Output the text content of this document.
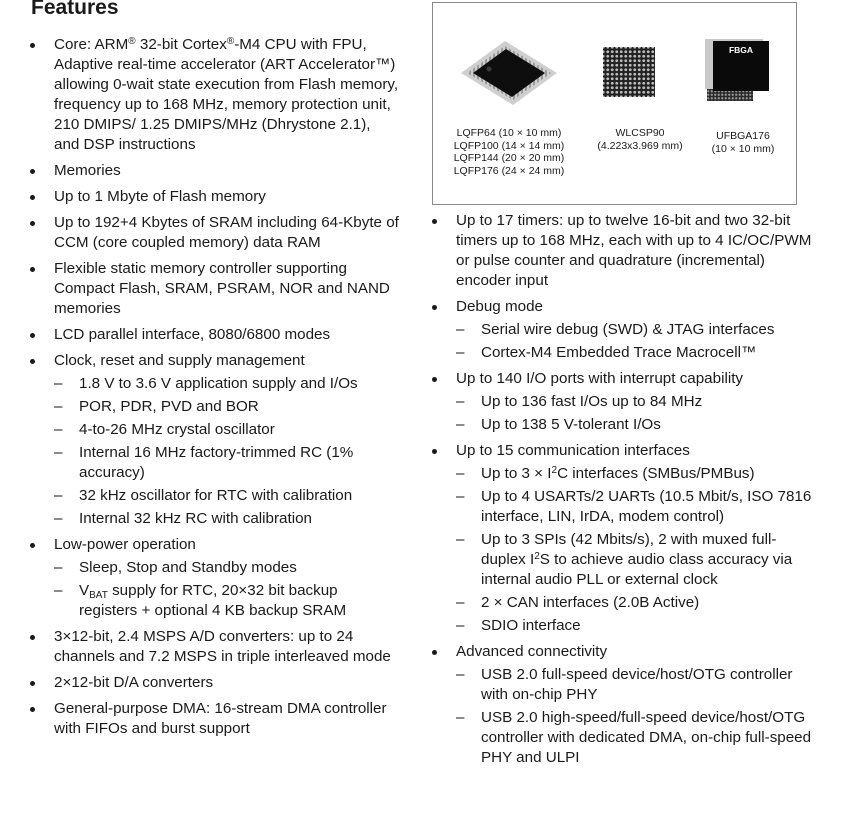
Features
Core: ARM® 32-bit Cortex®-M4 CPU with FPU, Adaptive real-time accelerator (ART Accelerator™) allowing 0-wait state execution from Flash memory, frequency up to 168 MHz, memory protection unit, 210 DMIPS/ 1.25 DMIPS/MHz (Dhrystone 2.1), and DSP instructions
Memories
Up to 1 Mbyte of Flash memory
Up to 192+4 Kbytes of SRAM including 64-Kbyte of CCM (core coupled memory) data RAM
Flexible static memory controller supporting Compact Flash, SRAM, PSRAM, NOR and NAND memories
LCD parallel interface, 8080/6800 modes
Clock, reset and supply management
– 1.8 V to 3.6 V application supply and I/Os
– POR, PDR, PVD and BOR
– 4-to-26 MHz crystal oscillator
– Internal 16 MHz factory-trimmed RC (1% accuracy)
– 32 kHz oscillator for RTC with calibration
– Internal 32 kHz RC with calibration
Low-power operation
– Sleep, Stop and Standby modes
– $V_{BAT}$ supply for RTC, 20×32 bit backup registers + optional 4 KB backup SRAM
3×12-bit, 2.4 MSPS A/D converters: up to 24 channels and 7.2 MSPS in triple interleaved mode
2×12-bit D/A converters
General-purpose DMA: 16-stream DMA controller with FIFOs and burst support
LQFP64 (10 × 10 mm)
LQFP100 (14 × 14 mm)
LQFP144 (20 × 20 mm)
LQFP176 (24 × 24 mm)
WLCSP90
(4.223x3.969 mm)
FBGA
UFBGA176
(10 × 10 mm)
Up to 17 timers: up to twelve 16-bit and two 32-bit timers up to 168 MHz, each with up to 4 IC/OC/PWM or pulse counter and quadrature (incremental) encoder input
Debug mode
– Serial wire debug (SWD) & JTAG interfaces
– Cortex-M4 Embedded Trace Macrocell™
Up to 140 I/O ports with interrupt capability
– Up to 136 fast I/Os up to 84 MHz
– Up to 138 5 V-tolerant I/Os
Up to 15 communication interfaces
– Up to $3 \times I^2C$ interfaces (SMBus/PMBus)
– Up to 4 USARTs/2 UARTs (10.5 Mbit/s, ISO 7816 interface, LIN, IrDA, modem control)
– Up to 3 SPIs (42 Mbits/s), 2 with muxed full-duplex $I^2S$ to achieve audio class accuracy via internal audio PLL or external clock
– 2 × CAN interfaces (2.0B Active)
– SDIO interface
Advanced connectivity
– USB 2.0 full-speed device/host/OTG controller with on-chip PHY
– USB 2.0 high-speed/full-speed device/host/OTG controller with dedicated DMA, on-chip full-speed PHY and ULPI
